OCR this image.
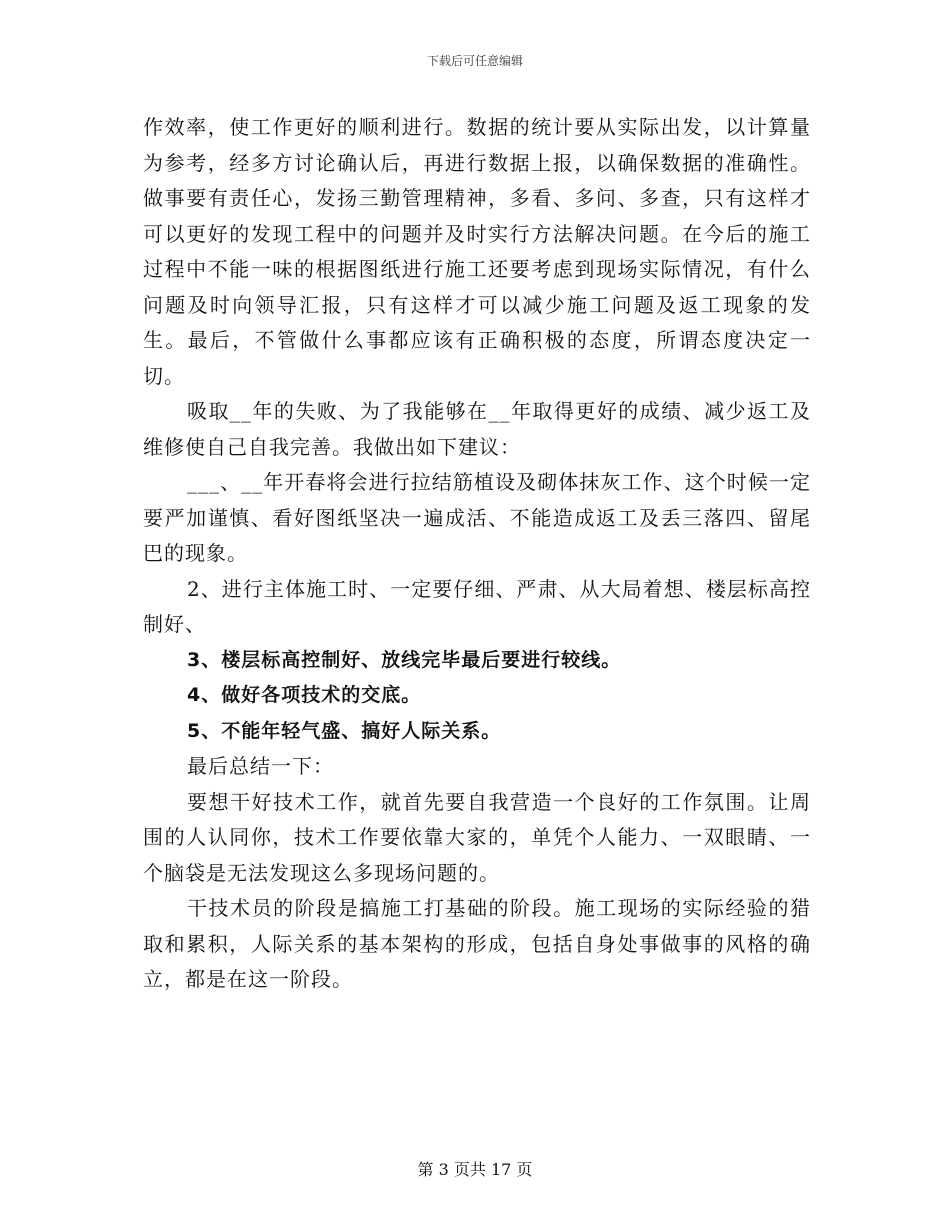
下载后可任意编辑

作效率，使工作更好的顺利进行。数据的统计要从实际出发，以计算量为参考，经多方讨论确认后，再进行数据上报，以确保数据的准确性。做事要有责任心，发扬三勤管理精神，多看、多问、多查，只有这样才可以更好的发现工程中的问题并及时实行方法解决问题。在今后的施工过程中不能一味的根据图纸进行施工还要考虑到现场实际情况，有什么问题及时向领导汇报，只有这样才可以减少施工问题及返工现象的发生。最后，不管做什么事都应该有正确积极的态度，所谓态度决定一切。

吸取__年的失败、为了我能够在__年取得更好的成绩、减少返工及维修使自己自我完善。我做出如下建议：

___、__年开春将会进行拉结筋植设及砌体抹灰工作、这个时候一定要严加谨慎、看好图纸坚决一遍成活、不能造成返工及丢三落四、留尾巴的现象。

2、进行主体施工时、一定要仔细、严肃、从大局着想、楼层标高控制好、

3、楼层标高控制好、放线完毕最后要进行较线。

4、做好各项技术的交底。

5、不能年轻气盛、搞好人际关系。

最后总结一下：

要想干好技术工作，就首先要自我营造一个良好的工作氛围。让周围的人认同你，技术工作要依靠大家的，单凭个人能力、一双眼睛、一个脑袋是无法发现这么多现场问题的。

干技术员的阶段是搞施工打基础的阶段。施工现场的实际经验的猎取和累积，人际关系的基本架构的形成，包括自身处事做事的风格的确立，都是在这一阶段。

第 3 页共 17 页
